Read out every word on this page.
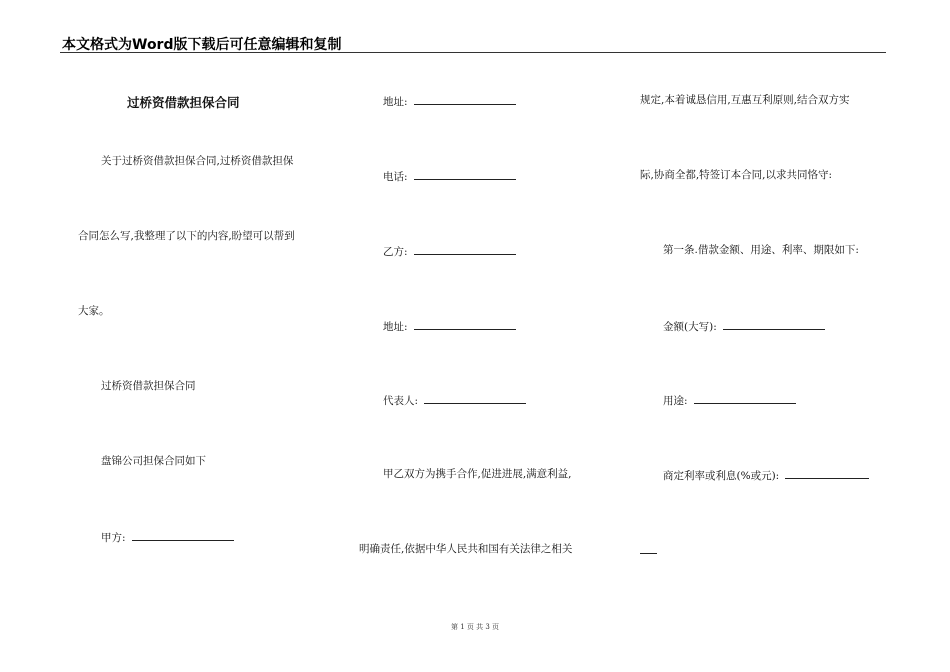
本文格式为Word版下载后可任意编辑和复制
过桥资借款担保合同
关于过桥资借款担保合同,过桥资借款担保
合同怎么写,我整理了以下的内容,盼望可以帮到
大家。
过桥资借款担保合同
盘锦公司担保合同如下
甲方:
地址:
电话:
乙方:
地址:
代表人:
甲乙双方为携手合作,促进进展,满意利益,
明确责任,依据中华人民共和国有关法律之相关
规定,本着诚恳信用,互惠互利原则,结合双方实
际,协商全都,特签订本合同,以求共同恪守:
第一条.借款金额、用途、利率、期限如下:
金额(大写):
用途:
商定利率或利息(%或元):
第 1 页 共 3 页
